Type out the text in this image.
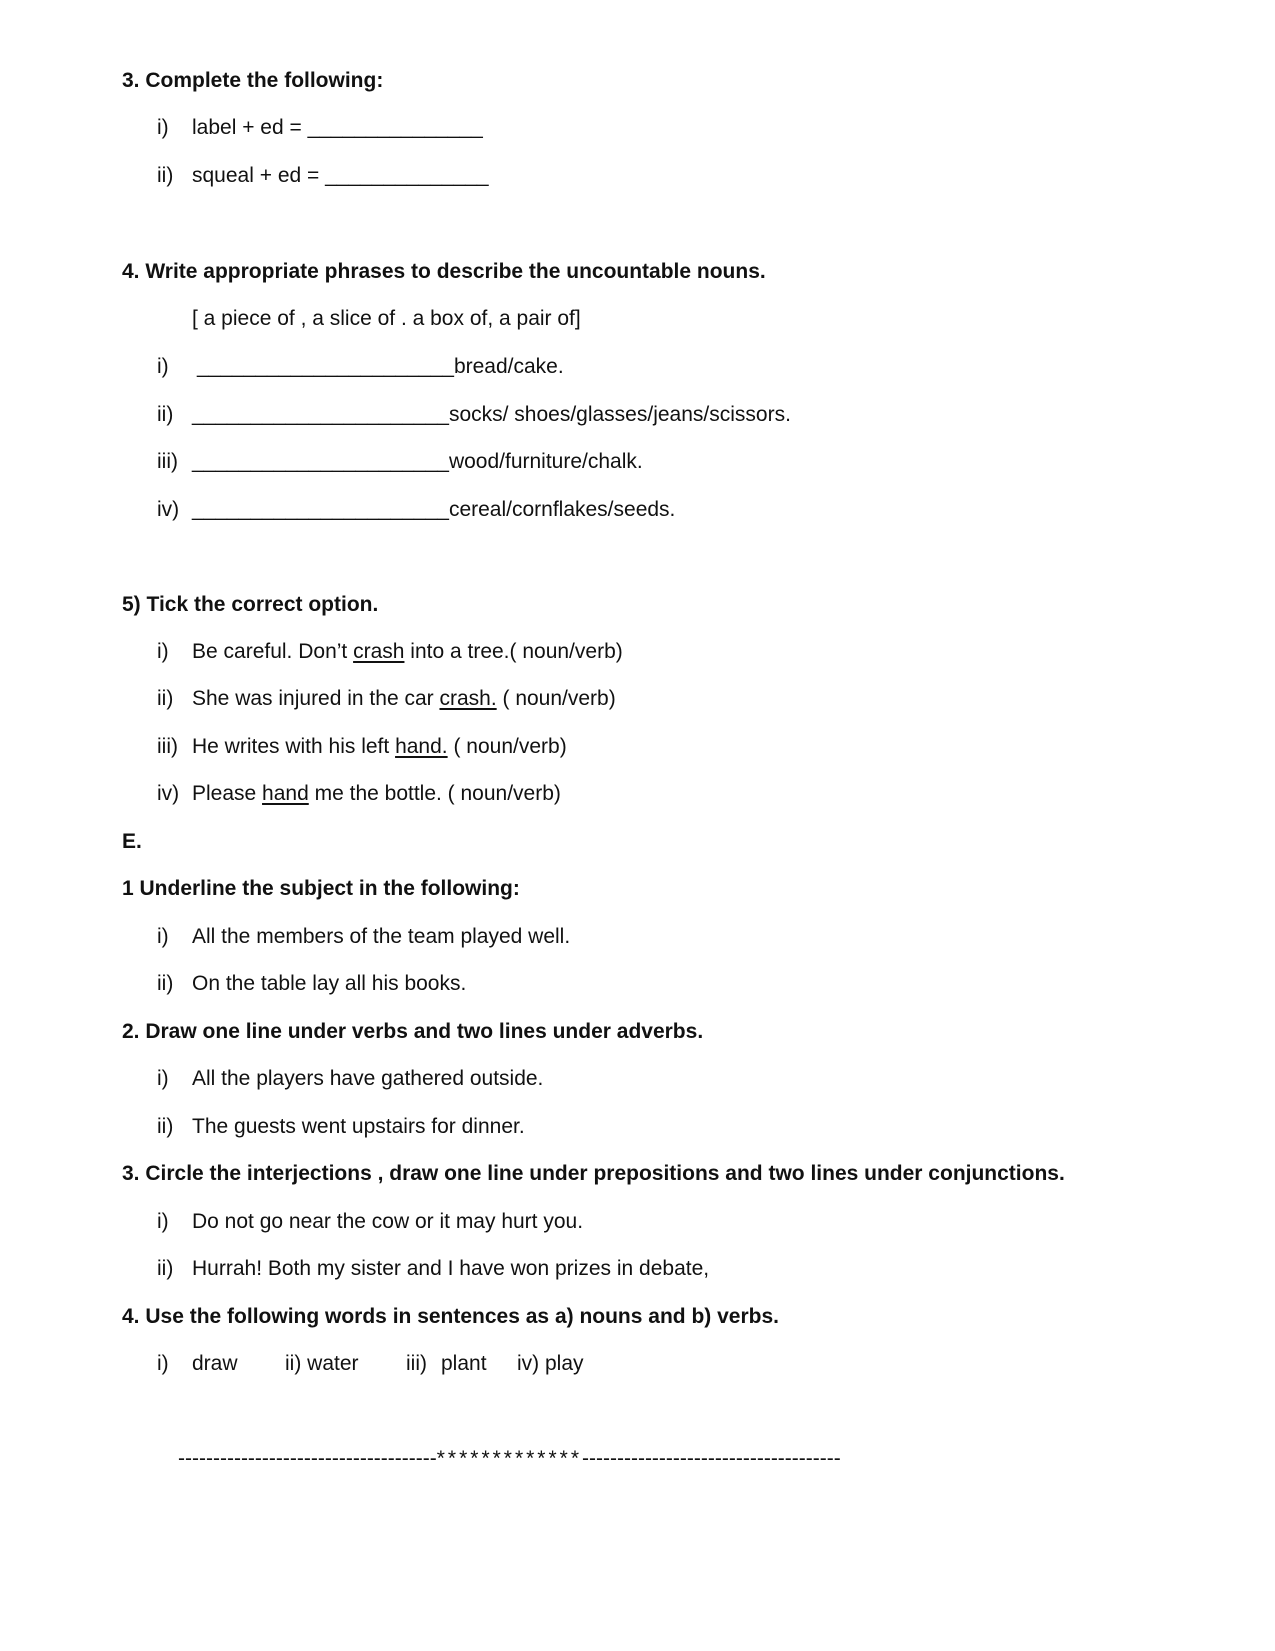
3. Complete the following:
i) label + ed = _______________
ii) squeal + ed = ______________
4. Write appropriate phrases to describe the uncountable nouns.
[ a piece of , a slice of . a box of, a pair of]
i) ______________________bread/cake.
ii) ______________________socks/ shoes/glasses/jeans/scissors.
iii) ______________________wood/furniture/chalk.
iv) ______________________cereal/cornflakes/seeds.
5) Tick the correct option.
i) Be careful. Don’t crash into a tree.( noun/verb)
ii) She was injured in the car crash. ( noun/verb)
iii) He writes with his left hand. ( noun/verb)
iv) Please hand me the bottle. ( noun/verb)
E.
1 Underline the subject in the following:
i) All the members of the team played well.
ii) On the table lay all his books.
2. Draw one line under verbs and two lines under adverbs.
i) All the players have gathered outside.
ii) The guests went upstairs for dinner.
3. Circle the interjections , draw one line under prepositions and two lines under conjunctions.
i) Do not go near the cow or it may hurt you.
ii) Hurrah! Both my sister and I have won prizes in debate,
4. Use the following words in sentences as a) nouns and b) verbs.
i) draw ii) water iii) plant iv) play
-------------------------------------*************-------------------------------------
